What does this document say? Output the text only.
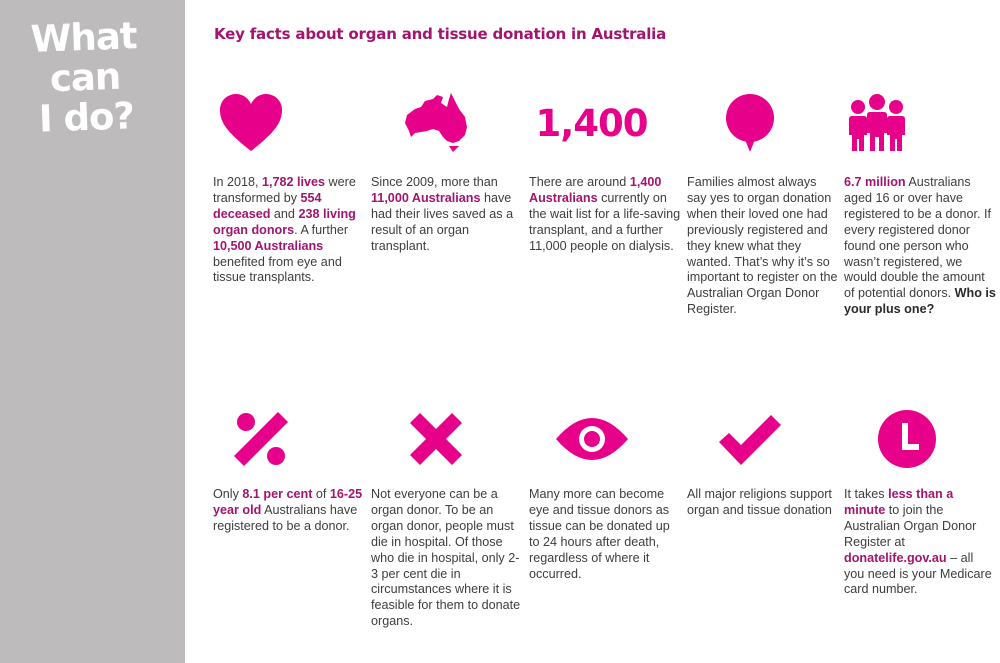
What
can
I do?
Key facts about organ and tissue donation in Australia
In 2018, 1,782 lives were transformed by 554 deceased and 238 living organ donors. A further 10,500 Australians benefited from eye and tissue transplants.
Since 2009, more than 11,000 Australians have had their lives saved as a result of an organ transplant.
1,400
There are around 1,400 Australians currently on the wait list for a life-saving transplant, and a further 11,000 people on dialysis.
Families almost always say yes to organ donation when their loved one had previously registered and they knew what they wanted. That’s why it’s so important to register on the Australian Organ Donor Register.
6.7 million Australians aged 16 or over have registered to be a donor. If every registered donor found one person who wasn’t registered, we would double the amount of potential donors. Who is your plus one?
Only 8.1 per cent of 16-25 year old Australians have registered to be a donor.
Not everyone can be a organ donor. To be an organ donor, people must die in hospital. Of those who die in hospital, only 2-3 per cent die in circumstances where it is feasible for them to donate organs.
Many more can become eye and tissue donors as tissue can be donated up to 24 hours after death, regardless of where it occurred.
All major religions support organ and tissue donation
It takes less than a minute to join the Australian Organ Donor Register at donatelife.gov.au – all you need is your Medicare card number.
